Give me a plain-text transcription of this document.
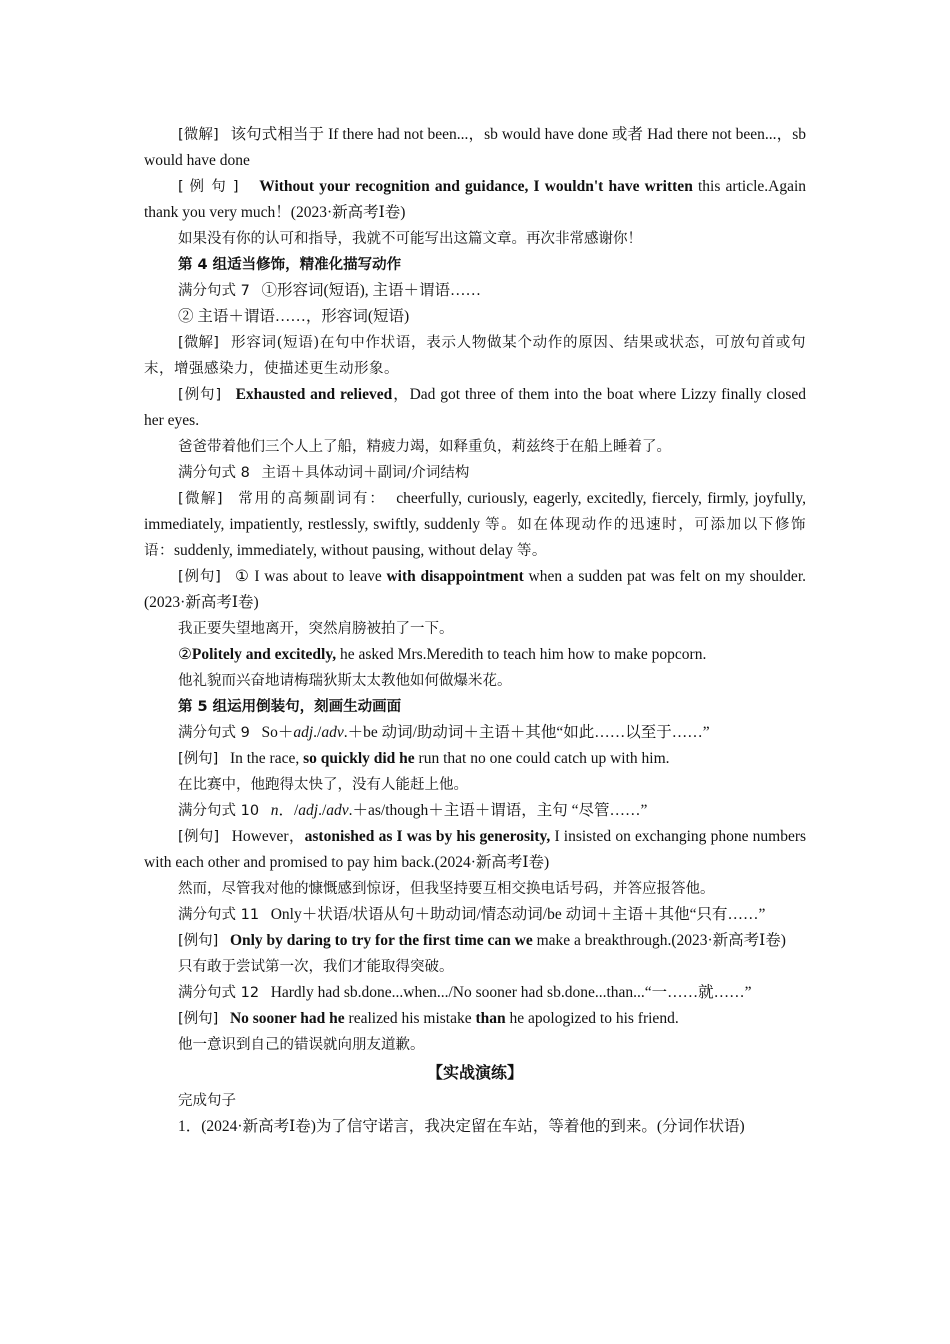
[微解] 该句式相当于 If there had not been...，sb would have done 或者 Had there not been...，sb would have done

[ 例 句 ] Without your recognition and guidance, I wouldn't have written this article.Again thank you very much！(2023·新高考Ⅰ卷)

如果没有你的认可和指导，我就不可能写出这篇文章。再次非常感谢你！

第 4 组适当修饰，精准化描写动作

满分句式 7 ①形容词(短语), 主语＋谓语……

② 主语＋谓语……，形容词(短语)

[微解] 形容词(短语)在句中作状语，表示人物做某个动作的原因、结果或状态，可放句首或句末，增强感染力，使描述更生动形象。

[例句] Exhausted and relieved，Dad got three of them into the boat where Lizzy finally closed her eyes.

爸爸带着他们三个人上了船，精疲力竭，如释重负，莉兹终于在船上睡着了。

满分句式 8 主语＋具体动词＋副词/介词结构

[微解] 常用的高频副词有： cheerfully, curiously, eagerly, excitedly, fiercely, firmly, joyfully, immediately, impatiently, restlessly, swiftly, suddenly 等。如在体现动作的迅速时，可添加以下修饰语：suddenly, immediately, without pausing, without delay 等。

[例句] ① I was about to leave with disappointment when a sudden pat was felt on my shoulder.(2023·新高考Ⅰ卷)

我正要失望地离开，突然肩膀被拍了一下。

②Politely and excitedly, he asked Mrs.Meredith to teach him how to make popcorn.

他礼貌而兴奋地请梅瑞狄斯太太教他如何做爆米花。

第 5 组运用倒装句，刻画生动画面

满分句式 9 So＋adj./adv.＋be 动词/助动词＋主语＋其他“如此……以至于……”

[例句] In the race, so quickly did he run that no one could catch up with him.

在比赛中，他跑得太快了，没有人能赶上他。

满分句式 10 n．/adj./adv.＋as/though＋主语＋谓语，主句 “尽管……”

[例句] However，astonished as I was by his generosity, I insisted on exchanging phone numbers with each other and promised to pay him back.(2024·新高考Ⅰ卷)

然而，尽管我对他的慷慨感到惊讶，但我坚持要互相交换电话号码，并答应报答他。

满分句式 11 Only＋状语/状语从句＋助动词/情态动词/be 动词＋主语＋其他“只有……”

[例句] Only by daring to try for the first time can we make a breakthrough.(2023·新高考Ⅰ卷)

只有敢于尝试第一次，我们才能取得突破。

满分句式 12 Hardly had sb.done...when.../No sooner had sb.done...than...“一……就……”

[例句] No sooner had he realized his mistake than he apologized to his friend.

他一意识到自己的错误就向朋友道歉。

【实战演练】

完成句子

1．(2024·新高考Ⅰ卷)为了信守诺言，我决定留在车站，等着他的到来。(分词作状语)
